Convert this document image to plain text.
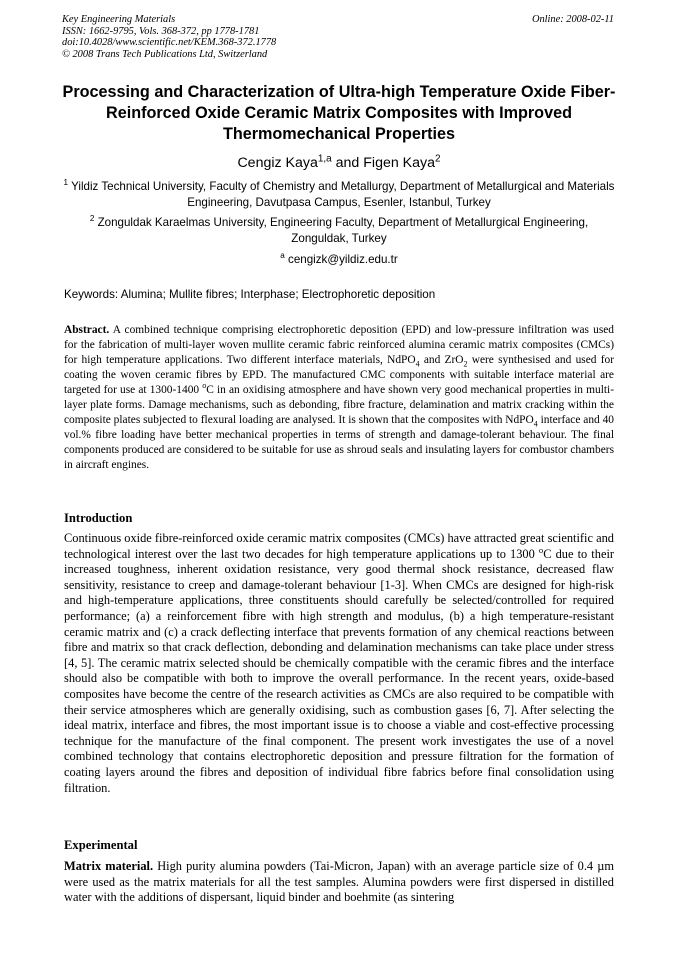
Key Engineering Materials
ISSN: 1662-9795, Vols. 368-372, pp 1778-1781
doi:10.4028/www.scientific.net/KEM.368-372.1778
© 2008 Trans Tech Publications Ltd, Switzerland
Online: 2008-02-11
Processing and Characterization of Ultra-high Temperature Oxide Fiber-Reinforced Oxide Ceramic Matrix Composites with Improved Thermomechanical Properties
Cengiz Kaya$^{1,a}$ and Figen Kaya$^2$
$^1$ Yildiz Technical University, Faculty of Chemistry and Metallurgy, Department of Metallurgical and Materials Engineering, Davutpasa Campus, Esenler, Istanbul, Turkey
$^2$ Zonguldak Karaelmas University, Engineering Faculty, Department of Metallurgical Engineering, Zonguldak, Turkey
$^a$ cengizk@yildiz.edu.tr
Keywords: Alumina; Mullite fibres; Interphase; Electrophoretic deposition
Abstract. A combined technique comprising electrophoretic deposition (EPD) and low-pressure infiltration was used for the fabrication of multi-layer woven mullite ceramic fabric reinforced alumina ceramic matrix composites (CMCs) for high temperature applications. Two different interface materials, NdPO$_4$ and ZrO$_2$ were synthesised and used for coating the woven ceramic fibres by EPD. The manufactured CMC components with suitable interface material are targeted for use at 1300-1400 $^o$C in an oxidising atmosphere and have shown very good mechanical properties in multi-layer plate forms. Damage mechanisms, such as debonding, fibre fracture, delamination and matrix cracking within the composite plates subjected to flexural loading are analysed. It is shown that the composites with NdPO$_4$ interface and 40 vol.% fibre loading have better mechanical properties in terms of strength and damage-tolerant behaviour. The final components produced are considered to be suitable for use as shroud seals and insulating layers for combustor chambers in aircraft engines.
Introduction
Continuous oxide fibre-reinforced oxide ceramic matrix composites (CMCs) have attracted great scientific and technological interest over the last two decades for high temperature applications up to 1300 $^o$C due to their increased toughness, inherent oxidation resistance, very good thermal shock resistance, decreased flaw sensitivity, resistance to creep and damage-tolerant behaviour [1-3]. When CMCs are designed for high-risk and high-temperature applications, three constituents should carefully be selected/controlled for required performance; (a) a reinforcement fibre with high strength and modulus, (b) a high temperature-resistant ceramic matrix and (c) a crack deflecting interface that prevents formation of any chemical reactions between fibre and matrix so that crack deflection, debonding and delamination mechanisms can take place under stress [4, 5]. The ceramic matrix selected should be chemically compatible with the ceramic fibres and the interface should also be compatible with both to improve the overall performance. In the recent years, oxide-based composites have become the centre of the research activities as CMCs are also required to be compatible with their service atmospheres which are generally oxidising, such as combustion gases [6, 7]. After selecting the ideal matrix, interface and fibres, the most important issue is to choose a viable and cost-effective processing technique for the manufacture of the final component. The present work investigates the use of a novel combined technology that contains electrophoretic deposition and pressure filtration for the formation of coating layers around the fibres and deposition of individual fibre fabrics before final consolidation using filtration.
Experimental
Matrix material. High purity alumina powders (Tai-Micron, Japan) with an average particle size of 0.4 µm were used as the matrix materials for all the test samples. Alumina powders were first dispersed in distilled water with the additions of dispersant, liquid binder and boehmite (as sintering
